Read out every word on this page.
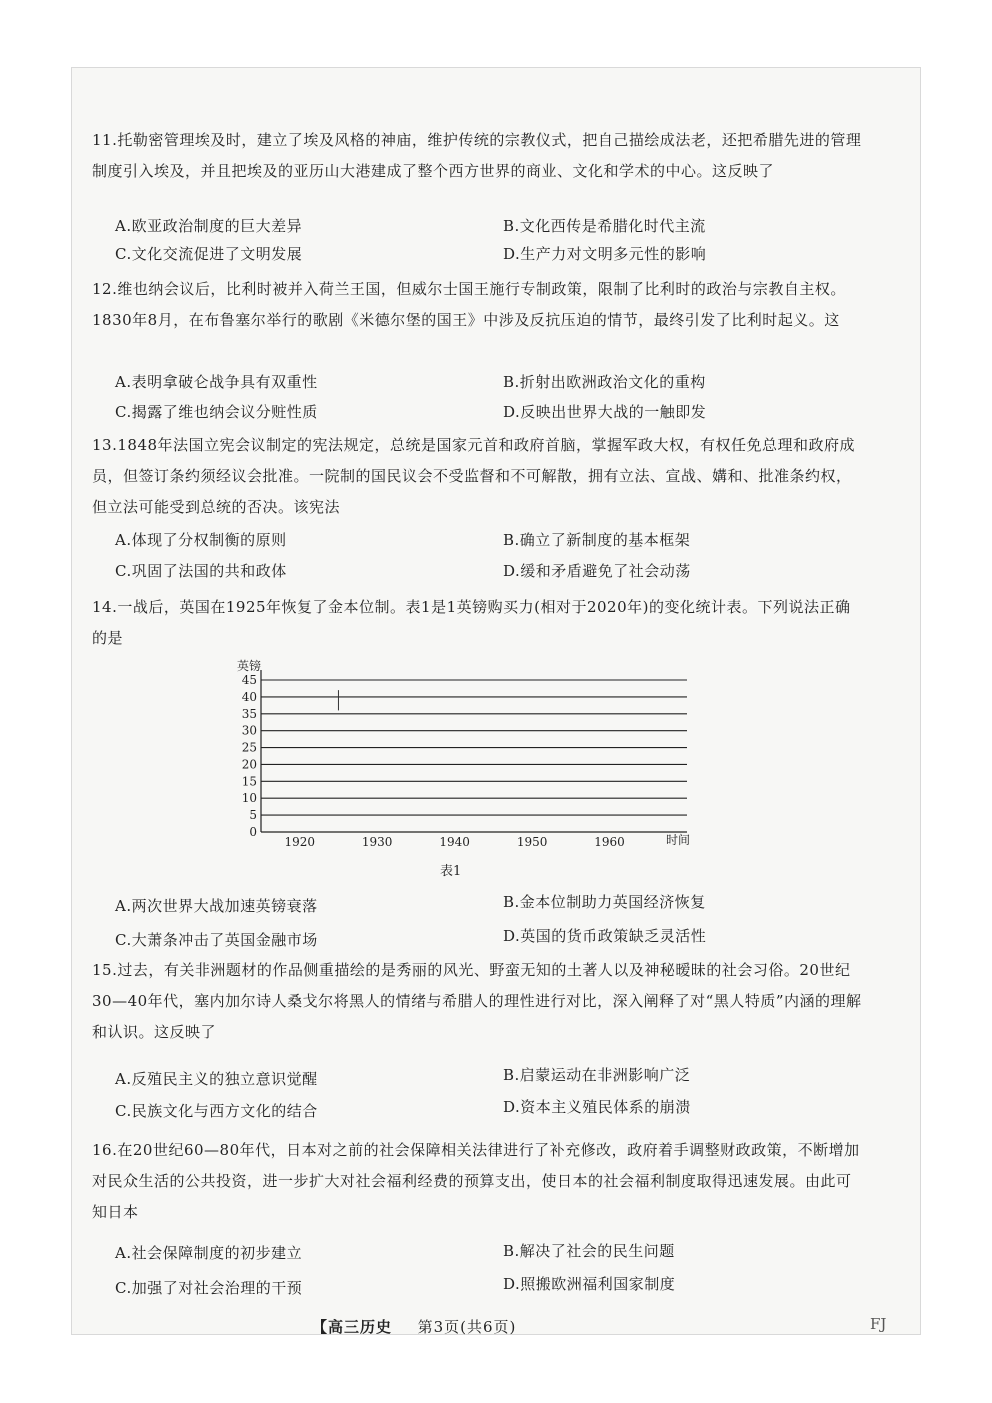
11.托勒密管理埃及时，建立了埃及风格的神庙，维护传统的宗教仪式，把自己描绘成法老，还把希腊先进的管理制度引入埃及，并且把埃及的亚历山大港建成了整个西方世界的商业、文化和学术的中心。这反映了
A.欧亚政治制度的巨大差异	B.文化西传是希腊化时代主流
C.文化交流促进了文明发展	D.生产力对文明多元性的影响
12.维也纳会议后，比利时被并入荷兰王国，但威尔士国王施行专制政策，限制了比利时的政治与宗教自主权。1830年8月，在布鲁塞尔举行的歌剧《米德尔堡的国王》中涉及反抗压迫的情节，最终引发了比利时起义。这
A.表明拿破仑战争具有双重性	B.折射出欧洲政治文化的重构
C.揭露了维也纳会议分赃性质	D.反映出世界大战的一触即发
13.1848年法国立宪会议制定的宪法规定，总统是国家元首和政府首脑，掌握军政大权，有权任免总理和政府成员，但签订条约须经议会批准。一院制的国民议会不受监督和不可解散，拥有立法、宣战、媾和、批准条约权，但立法可能受到总统的否决。该宪法
A.体现了分权制衡的原则	B.确立了新制度的基本框架
C.巩固了法国的共和政体	D.缓和矛盾避免了社会动荡
14.一战后，英国在1925年恢复了金本位制。表1是1英镑购买力(相对于2020年)的变化统计表。下列说法正确的是
0
5
10
15
20
25
30
35
40
45
1920	1930	1940	1950	1960
英镑
时间
表1
A.两次世界大战加速英镑衰落	B.金本位制助力英国经济恢复
C.大萧条冲击了英国金融市场	D.英国的货币政策缺乏灵活性
15.过去，有关非洲题材的作品侧重描绘的是秀丽的风光、野蛮无知的土著人以及神秘暧昧的社会习俗。20世纪30—40年代，塞内加尔诗人桑戈尔将黑人的情绪与希腊人的理性进行对比，深入阐释了对“黑人特质”内涵的理解和认识。这反映了
A.反殖民主义的独立意识觉醒	B.启蒙运动在非洲影响广泛
C.民族文化与西方文化的结合	D.资本主义殖民体系的崩溃
16.在20世纪60—80年代，日本对之前的社会保障相关法律进行了补充修改，政府着手调整财政政策，不断增加对民众生活的公共投资，进一步扩大对社会福利经费的预算支出，使日本的社会福利制度取得迅速发展。由此可知日本
A.社会保障制度的初步建立	B.解决了社会的民生问题
C.加强了对社会治理的干预	D.照搬欧洲福利国家制度
【高三历史 第3页(共6页)	FJ
